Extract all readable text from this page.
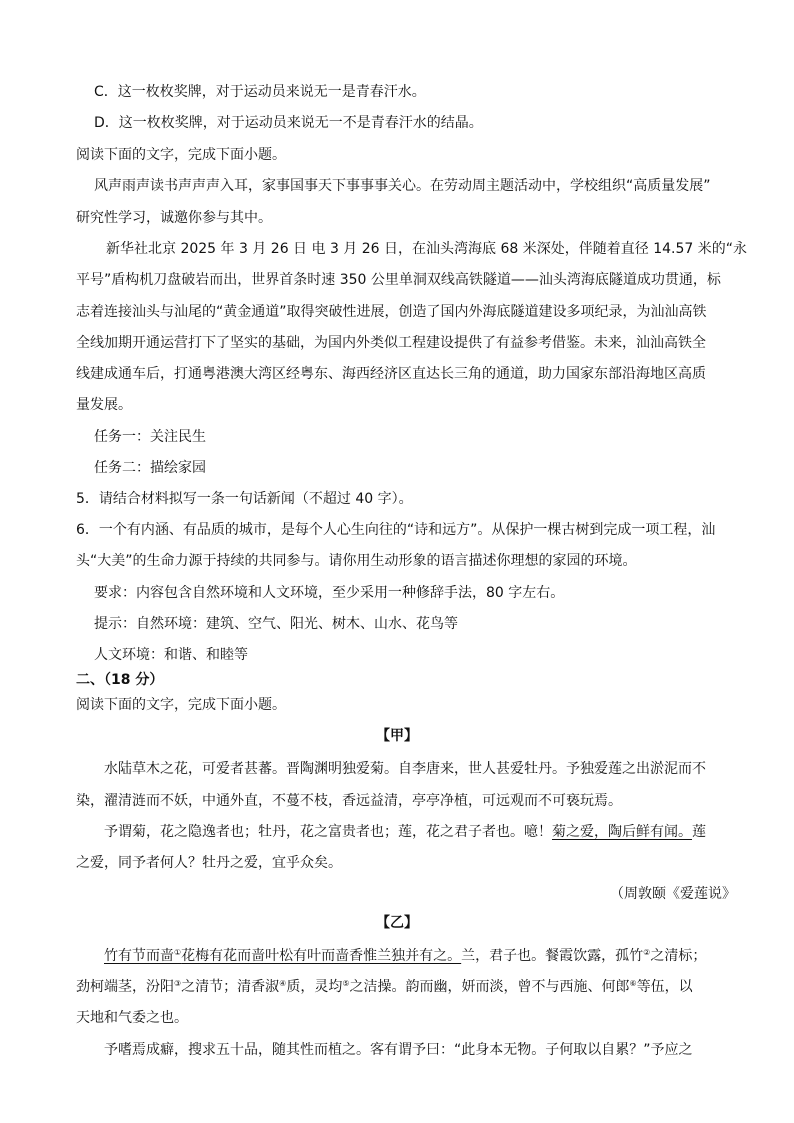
C．这一枚枚奖牌，对于运动员来说无一是青春汗水。
D．这一枚枚奖牌，对于运动员来说无一不是青春汗水的结晶。
阅读下面的文字，完成下面小题。
风声雨声读书声声声入耳，家事国事天下事事事关心。在劳动周主题活动中，学校组织“高质量发展”
研究性学习，诚邀你参与其中。
新华社北京 2025 年 3 月 26 日 电 3 月 26 日，在汕头湾海底 68 米深处，伴随着直径 14.57 米的“永
平号”盾构机刀盘破岩而出，世界首条时速 350 公里单洞双线高铁隧道——汕头湾海底隧道成功贯通，标
志着连接汕头与汕尾的“黄金通道”取得突破性进展，创造了国内外海底隧道建设多项纪录，为汕汕高铁
全线加期开通运营打下了坚实的基础，为国内外类似工程建设提供了有益参考借鉴。未来，汕汕高铁全
线建成通车后，打通粤港澳大湾区经粤东、海西经济区直达长三角的通道，助力国家东部沿海地区高质
量发展。
任务一：关注民生
任务二：描绘家园
5．请结合材料拟写一条一句话新闻（不超过 40 字）。
6．一个有内涵、有品质的城市，是每个人心生向往的“诗和远方”。从保护一棵古树到完成一项工程，汕
头“大美”的生命力源于持续的共同参与。请你用生动形象的语言描述你理想的家园的环境。
要求：内容包含自然环境和人文环境，至少采用一种修辞手法，80 字左右。
提示：自然环境：建筑、空气、阳光、树木、山水、花鸟等
人文环境：和谐、和睦等
二、（18 分）
阅读下面的文字，完成下面小题。
【甲】
水陆草木之花，可爱者甚蕃。晋陶渊明独爱菊。自李唐来，世人甚爱牡丹。予独爱莲之出淤泥而不
染，濯清涟而不妖，中通外直，不蔓不枝，香远益清，亭亭净植，可远观而不可亵玩焉。
予谓菊，花之隐逸者也；牡丹，花之富贵者也；莲，花之君子者也。噫！菊之爱，陶后鲜有闻。莲
之爱，同予者何人？牡丹之爱，宜乎众矣。
（周敦颐《爱莲说》
【乙】
竹有节而啬①花梅有花而啬叶松有叶而啬香惟兰独并有之。兰，君子也。餐霞饮露，孤竹②之清标；
劲柯端茎，汾阳③之清节；清香淑④质，灵均⑤之洁操。韵而幽，妍而淡，曾不与西施、何郎⑥等伍，以
天地和气委之也。
予嗜焉成癖，搜求五十品，随其性而植之。客有谓予曰：“此身本无物。子何取以自累？”予应之
